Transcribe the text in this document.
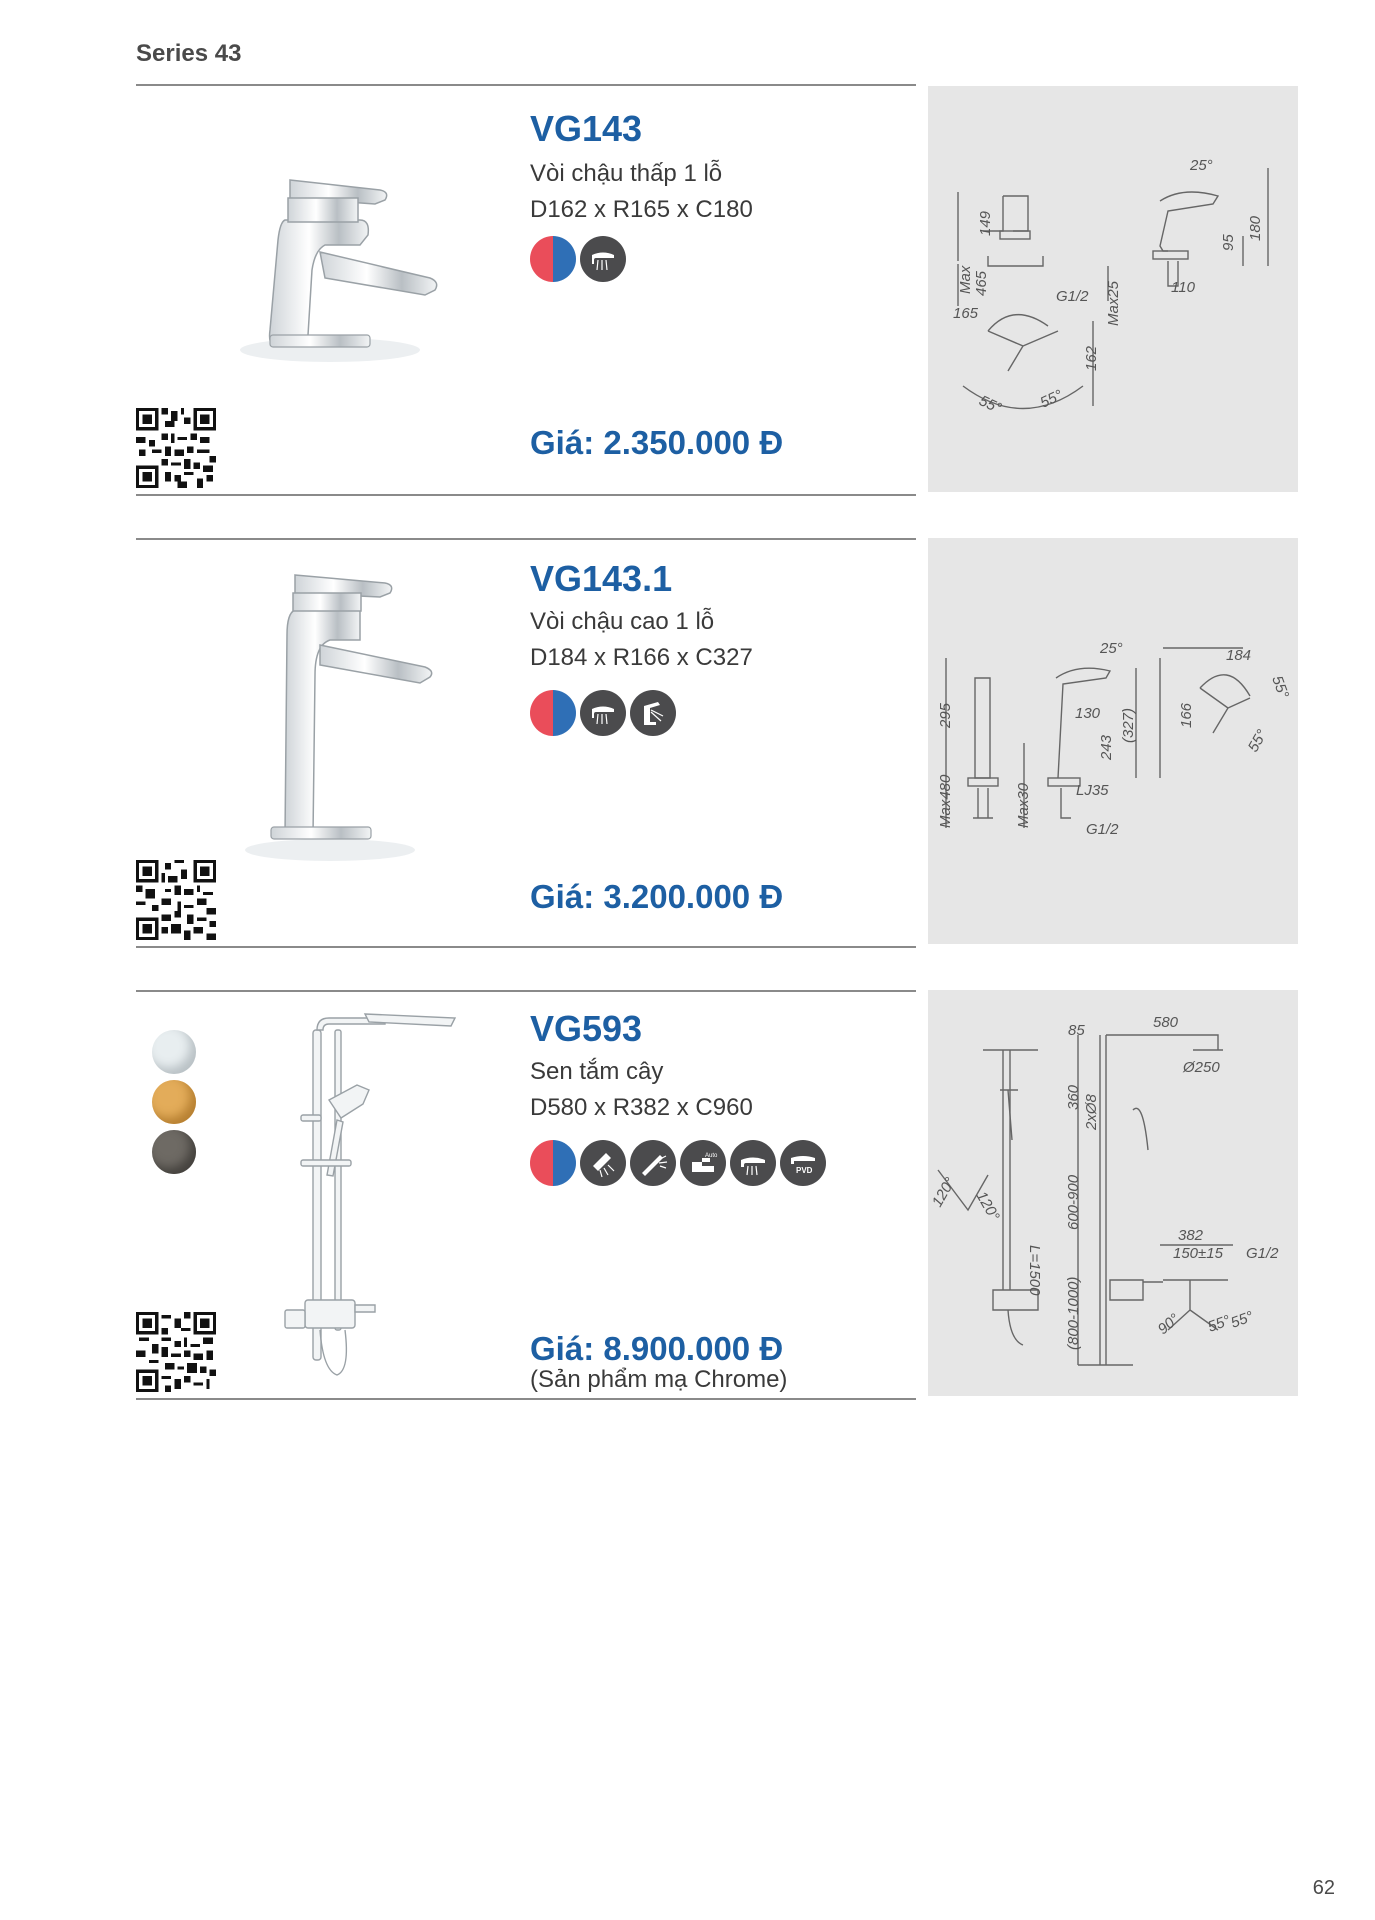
Series 43
VG143
Vòi chậu thấp 1 lỗ
D162 x R165 x C180
Giá: 2.350.000 Đ
25°
149
Max 465
G1/2
95
180
Max25	110
165
162
55° 55°
VG143.1
Vòi chậu cao 1 lỗ
D184 x R166 x C327
Giá: 3.200.000 Đ
25°	184
55°
295	130
243
(327)	166
55°
Max480	Max30	LJ35
G1/2
VG593
Sen tắm cây
D580 x R382 x C960
Auto
PVD
Giá: 8.900.000 Đ
(Sản phẩm mạ Chrome)
85	580
Ø250
360 2xØ8
600-900
(800-1000)
120° 120°
L=1500
382
150±15 G1/2
90° 55°
55°
62
